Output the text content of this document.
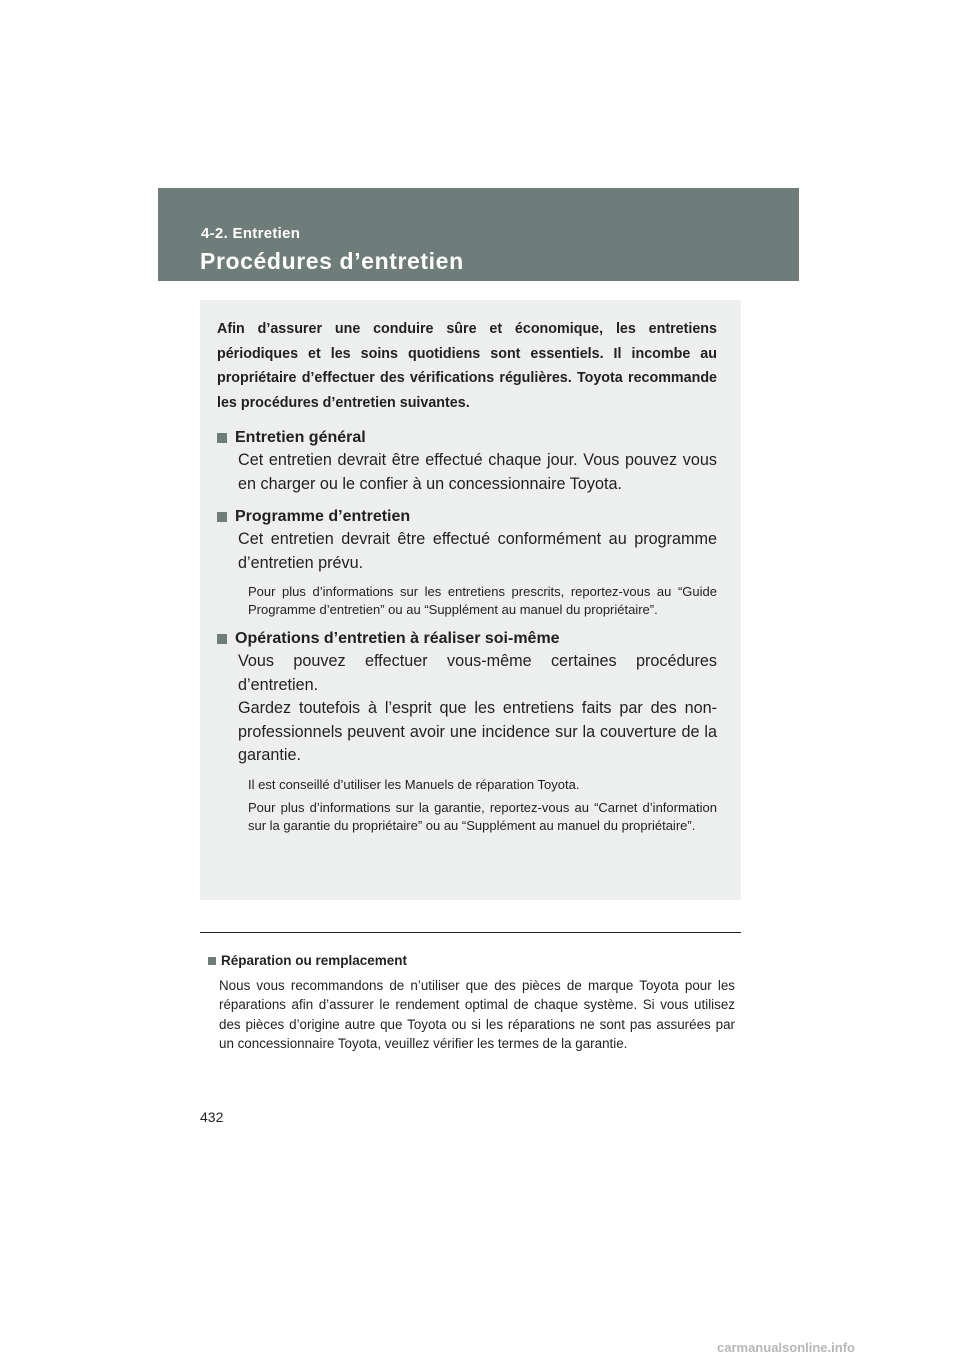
4-2. Entretien
Procédures d’entretien

Afin d’assurer une conduire sûre et économique, les entretiens périodiques et les soins quotidiens sont essentiels. Il incombe au propriétaire d’effectuer des vérifications régulières. Toyota recommande les procédures d’entretien suivantes.

Entretien général
Cet entretien devrait être effectué chaque jour. Vous pouvez vous en charger ou le confier à un concessionnaire Toyota.
Programme d’entretien
Cet entretien devrait être effectué conformément au programme d’entretien prévu.
Pour plus d’informations sur les entretiens prescrits, reportez-vous au “Guide Programme d’entretien” ou au “Supplément au manuel du propriétaire”.
Opérations d’entretien à réaliser soi-même
Vous pouvez effectuer vous-même certaines procédures d’entretien.
Gardez toutefois à l’esprit que les entretiens faits par des non-professionnels peuvent avoir une incidence sur la couverture de la garantie.
Il est conseillé d’utiliser les Manuels de réparation Toyota.
Pour plus d’informations sur la garantie, reportez-vous au “Carnet d’information sur la garantie du propriétaire” ou au “Supplément au manuel du propriétaire”.
Réparation ou remplacement
Nous vous recommandons de n’utiliser que des pièces de marque Toyota pour les réparations afin d’assurer le rendement optimal de chaque système. Si vous utilisez des pièces d’origine autre que Toyota ou si les réparations ne sont pas assurées par un concessionnaire Toyota, veuillez vérifier les termes de la garantie.
432
carmanualsonline.info
